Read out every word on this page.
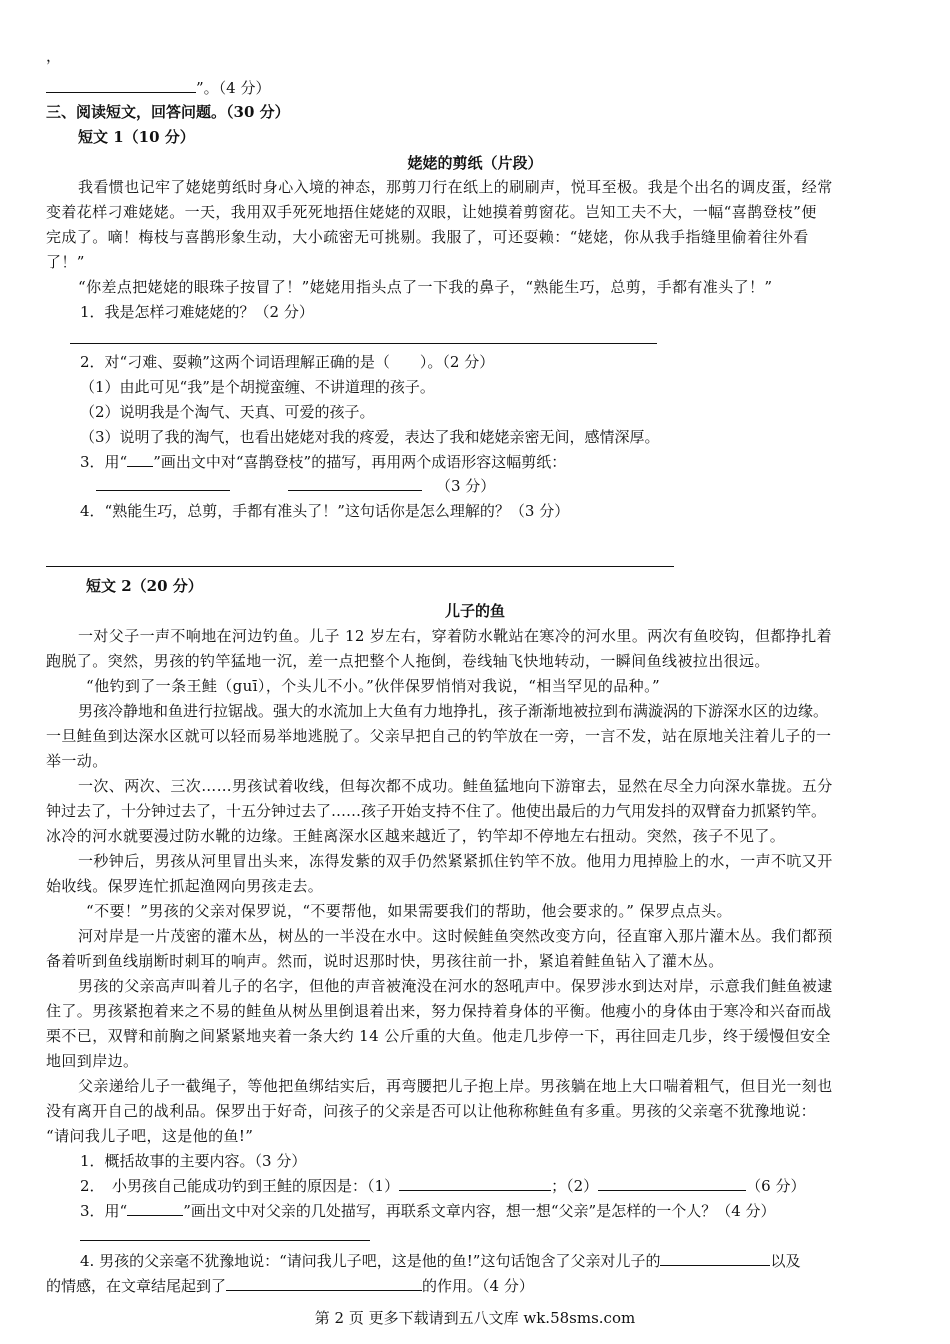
，
”。（4 分）
三、阅读短文，回答问题。（30 分）
短文 1（10 分）
姥姥的剪纸（片段）
我看惯也记牢了姥姥剪纸时身心入境的神态，那剪刀行在纸上的刷刷声，悦耳至极。我是个出名的调皮蛋，经常
变着花样刁难姥姥。一天，我用双手死死地捂住姥姥的双眼，让她摸着剪窗花。岂知工夫不大，一幅“喜鹊登枝”便
完成了。嘀！梅枝与喜鹊形象生动，大小疏密无可挑剔。我服了，可还耍赖：“姥姥，你从我手指缝里偷着往外看
了！”
“你差点把姥姥的眼珠子按冒了！”姥姥用指头点了一下我的鼻子，“熟能生巧，总剪，手都有准头了！”
1．我是怎样刁难姥姥的？（2 分）
2．对“刁难、耍赖”这两个词语理解正确的是（　　）。（2 分）
（1）由此可见“我”是个胡搅蛮缠、不讲道理的孩子。
（2）说明我是个淘气、天真、可爱的孩子。
（3）说明了我的淘气，也看出姥姥对我的疼爱，表达了我和姥姥亲密无间，感情深厚。
3．用“ ”画出文中对“喜鹊登枝”的描写，再用两个成语形容这幅剪纸：
（3 分）
4．“熟能生巧，总剪，手都有准头了！”这句话你是怎么理解的？（3 分）
短文 2（20 分）
儿子的鱼
一对父子一声不响地在河边钓鱼。儿子 12 岁左右，穿着防水靴站在寒冷的河水里。两次有鱼咬钩，但都挣扎着
跑脱了。突然，男孩的钓竿猛地一沉，差一点把整个人拖倒，卷线轴飞快地转动，一瞬间鱼线被拉出很远。
“他钓到了一条王鲑（guī），个头儿不小。”伙伴保罗悄悄对我说，“相当罕见的品种。”
男孩冷静地和鱼进行拉锯战。强大的水流加上大鱼有力地挣扎，孩子渐渐地被拉到布满漩涡的下游深水区的边缘。
一旦鲑鱼到达深水区就可以轻而易举地逃脱了。父亲早把自己的钓竿放在一旁，一言不发，站在原地关注着儿子的一
举一动。
一次、两次、三次……男孩试着收线，但每次都不成功。鲑鱼猛地向下游窜去，显然在尽全力向深水靠拢。五分
钟过去了，十分钟过去了，十五分钟过去了……孩子开始支持不住了。他使出最后的力气用发抖的双臂奋力抓紧钓竿。
冰冷的河水就要漫过防水靴的边缘。王鲑离深水区越来越近了，钓竿却不停地左右扭动。突然，孩子不见了。
一秒钟后，男孩从河里冒出头来，冻得发紫的双手仍然紧紧抓住钓竿不放。他用力甩掉脸上的水，一声不吭又开
始收线。保罗连忙抓起渔网向男孩走去。
“不要！”男孩的父亲对保罗说，“不要帮他，如果需要我们的帮助，他会要求的。” 保罗点点头。
河对岸是一片茂密的灌木丛，树丛的一半没在水中。这时候鲑鱼突然改变方向，径直窜入那片灌木丛。我们都预
备着听到鱼线崩断时刺耳的响声。然而，说时迟那时快，男孩往前一扑，紧追着鲑鱼钻入了灌木丛。
男孩的父亲高声叫着儿子的名字，但他的声音被淹没在河水的怒吼声中。保罗涉水到达对岸，示意我们鲑鱼被逮
住了。男孩紧抱着来之不易的鲑鱼从树丛里倒退着出来，努力保持着身体的平衡。他瘦小的身体由于寒冷和兴奋而战
栗不已，双臂和前胸之间紧紧地夹着一条大约 14 公斤重的大鱼。他走几步停一下，再往回走几步，终于缓慢但安全
地回到岸边。
父亲递给儿子一截绳子，等他把鱼绑结实后，再弯腰把儿子抱上岸。男孩躺在地上大口喘着粗气，但目光一刻也
没有离开自己的战利品。保罗出于好奇，问孩子的父亲是否可以让他称称鲑鱼有多重。男孩的父亲毫不犹豫地说：
“请问我儿子吧，这是他的鱼!”
1．概括故事的主要内容。（3 分）
2．　小男孩自己能成功钓到王鲑的原因是：（1）	；（2）	（6 分）
3．用“	”画出文中对父亲的几处描写，再联系文章内容，想一想“父亲”是怎样的一个人？（4 分）
4. 男孩的父亲毫不犹豫地说：“请问我儿子吧，这是他的鱼!”这句话饱含了父亲对儿子的	以及
的情感，在文章结尾起到了	的作用。（4 分）
第 2 页 更多下载请到五八文库 wk.58sms.com
